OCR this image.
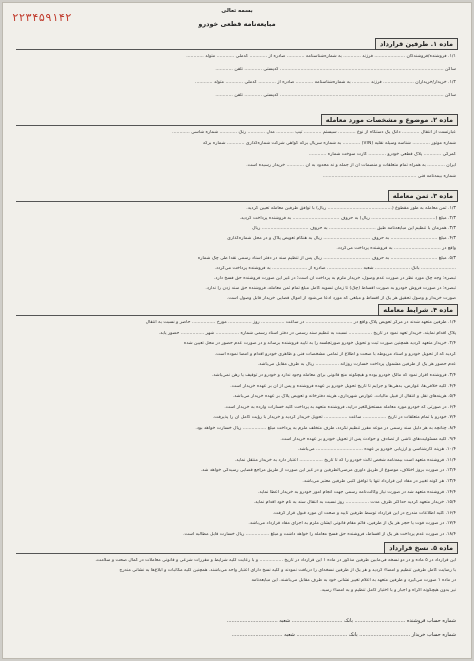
بسمه تعالی
۲۲۳۴۵۹۱۴۲	مبایعه‌نامه قطعی خودرو
ماده ۱. طرفین قرارداد
۱/۱. فروشنده/فروشندگان ..................... فرزند ............ به شماره‌شناسنامه ............ صادره از ............ کدملی ............ متولد ............
ساکن ................................................................................................................ کدپستی ............ تلفن ............
۱/۲. خریدار/خریداران ..................... فرزند ............ به شماره‌شناسنامه ............ صادره از ............ کدملی ............ متولد ............
ساکن ................................................................................................................ کدپستی ............ تلفن ............
ماده ۲. موضوع و مشخصات مورد معامله
عبارتست از انتقال ............ دانگ یک دستگاه از نوع ............ سیستم ............ تیپ ............ مدل ............ رنگ ............ شماره شاسی ............
شماره موتور ............ شناسه وسیله نقلیه (VIN) ............ به شماره سریال برگه گواهی شرکت شماره‌گذاری ............ شماره برگه
گمرکی ............ پلاک قطعی خودرو ............ کارت سوخت شماره ............
ایران ............ به همراه تمام متعلقات و منضمات ان از جمله و نه محدود به آن ............ خریدار رسیده است.
شماره بیمه‌نامه فنی ................................................................
ماده ۳. ثمن معامله
۱/۳. ثمن معامله به طور مقطوع (............................................ ریال) با توافق طرفین معامله تعیین گردید.
۲/۳. مبلغ (............................................ ریال) به حروف ................................ به فروشنده پرداخت گردید.
۳/۳. همزمان با تنظیم این مبایعه‌نامه طبق ................................ به حروف ................................ ریال
۴/۳. مبلغ ................................ به حروف ................................ ریال به هنگام تعویض پلاک و در محل شماره‌گذاری
واقع در ................................ به فروشنده پرداخت می‌گردد.
۵/۳. مبلغ ................................ به حروف ................................ ریال پس از تنظیم سند در دفتر اسناد رسمی نقداً طی چک شماره
........................ بانک ........................ شعبه ........................ صادره از ........................ به فروشنده پرداخت می‌گردد.
تبصره: وجه چک مورد نظر در صورت عدم وصول، خریدار ملزم به پرداخت آن است؛ در غیر این صورت فروشنده حق فسخ دارد.
تبصره: در صورت فروش خودرو به صورت اقساط (چک) تا زمان تسویه کامل مبلغ تمام ثمن معامله، فروشنده حق سند زدن را ندارد.
صورت خریدار و وصول تحقیق هر یک از اقساط و مبلغی که مورد ادعا می‌شود از اموال قضایی خریدار قابل وصول است.
ماده ۴. شرایط معامله
۱/۴. طرفین متعهد شدند در مرکز تعویض پلاک واقع در ................................ در ساعت ................ روز ................ مورخ ................ حاضر و نسبت به انتقال
پلاک اقدام نمایند. خریدار تعهد نمود در تاریخ ................ نسبت به تنظیم سند رسمی در دفتر اسناد رسمی شماره ................ شهر ................ حضور یابد.
۲/۴. خریدار متعهد گردید همچنین صورت ثبت و تحویل خودرو صورتجلسه را به تأیید فروشنده برساند و در صورت عدم حضور در محل تعیین شده
گردید که از تحویل خودرو و اسناد مربوطه با صحت و اطلاع از تمامی مشخصات فنی و ظاهری خودرو اقدام و امضا نموده است.
عدم حضور هر یک از طرفین مشمول پرداخت خسارت روزانه ................ ریال به طرف مقابل می‌باشد.
۳/۴. فروشنده اقرار نمود که مالک خودرو بوده و هیچگونه منع قانونی برای معامله وجود ندارد و خودرو در توقیف یا رهن نمی‌باشد.
۴/۴. کلیه خلافی‌ها، عوارض، بدهی‌ها و جرایم تا تاریخ تحویل خودرو بر عهده فروشنده و پس از آن بر عهده خریدار است.
۵/۴. هزینه‌های نقل و انتقال از قبیل مالیات، عوارض شهرداری، هزینه دفترخانه و تعویض پلاک بر عهده خریدار می‌باشد.
۶/۴. در صورتی که خودرو مورد معامله مستحق‌للغیر درآید، فروشنده متعهد به پرداخت کلیه خسارات وارده به خریدار است.
۷/۴. خودرو با تمام متعلقات در تاریخ ................ ساعت ................ تحویل خریدار گردید و خریدار با رؤیت کامل آن را پذیرفت.
۸/۴. چنانچه به هر دلیل سند رسمی در موعد مقرر تنظیم نگردد، طرف متخلف ملزم به پرداخت مبلغ ................ ریال خسارت خواهد بود.
۹/۴. کلیه مسئولیت‌های ناشی از تصادف و حوادث پس از تحویل خودرو بر عهده خریدار است.
۱۰/۴. هزینه کارشناسی و ارزیابی خودرو بر عهده ................................ می‌باشد.
۱۱/۴. فروشنده متعهد است بیمه‌نامه شخص ثالث خودرو را که تا تاریخ ................ اعتبار دارد به خریدار منتقل نماید.
۱۲/۴. در صورت بروز اختلاف، موضوع از طریق داوری مرضی‌الطرفین و در غیر این صورت از طریق مراجع قضایی رسیدگی خواهد شد.
۱۳/۴. هر گونه تغییر در مفاد این قرارداد تنها با توافق کتبی طرفین معتبر می‌باشد.
۱۴/۴. فروشنده متعهد شد در صورت نیاز وکالت‌نامه رسمی جهت انجام امور خودرو به خریدار اعطا نماید.
۱۵/۴. خریدار متعهد گردید حداکثر ظرف مدت ................ روز نسبت به انتقال سند به نام خود اقدام نماید.
۱۶/۴. کلیه اطلاعات مندرج در این قرارداد توسط طرفین تأیید و صحت آن مورد قبول قرار گرفت.
۱۷/۴. در صورت فوت یا حجر هر یک از طرفین، قائم مقام قانونی ایشان ملزم به اجرای مفاد قرارداد می‌باشد.
۱۸/۴. در صورت عدم پرداخت هر یک از اقساط، فروشنده حق فسخ معامله را خواهد داشت و مبلغ ................ ریال خسارت قابل مطالبه است.
ماده ۵. نسخ قرارداد
این قرارداد در ۵ ماده و در دو نسخه فی‌مابین طرفین مذکور در ماده ۱ این قرارداد در تاریخ ................ و با رعایت کلیه شرایط و مقررات شرعی و قانونی معاملات در کمال صحت و سلامت،
با رضایت کامل طرفین تنظیم و امضاء گردید و هر یک از طرفین نسخه‌ای را دریافت نمودند و کلیه نسخ دارای اعتبار واحد می‌باشند. همچنین کلیه مکاتبات و ابلاغ‌ها به نشانی مندرج
در ماده ۱ صورت می‌گیرد و طرفین متعهد به اعلام تغییر نشانی خود به طرف مقابل می‌باشند. این مبایعه‌نامه
نیز بدون هیچگونه اکراه و اجبار و با اختیار کامل تنظیم و به امضاء رسید.
شماره حساب فروشنده ................................ بانک ................................ شعبه ................................
شماره حساب خریدار ................................ بانک ................................ شعبه ................................
